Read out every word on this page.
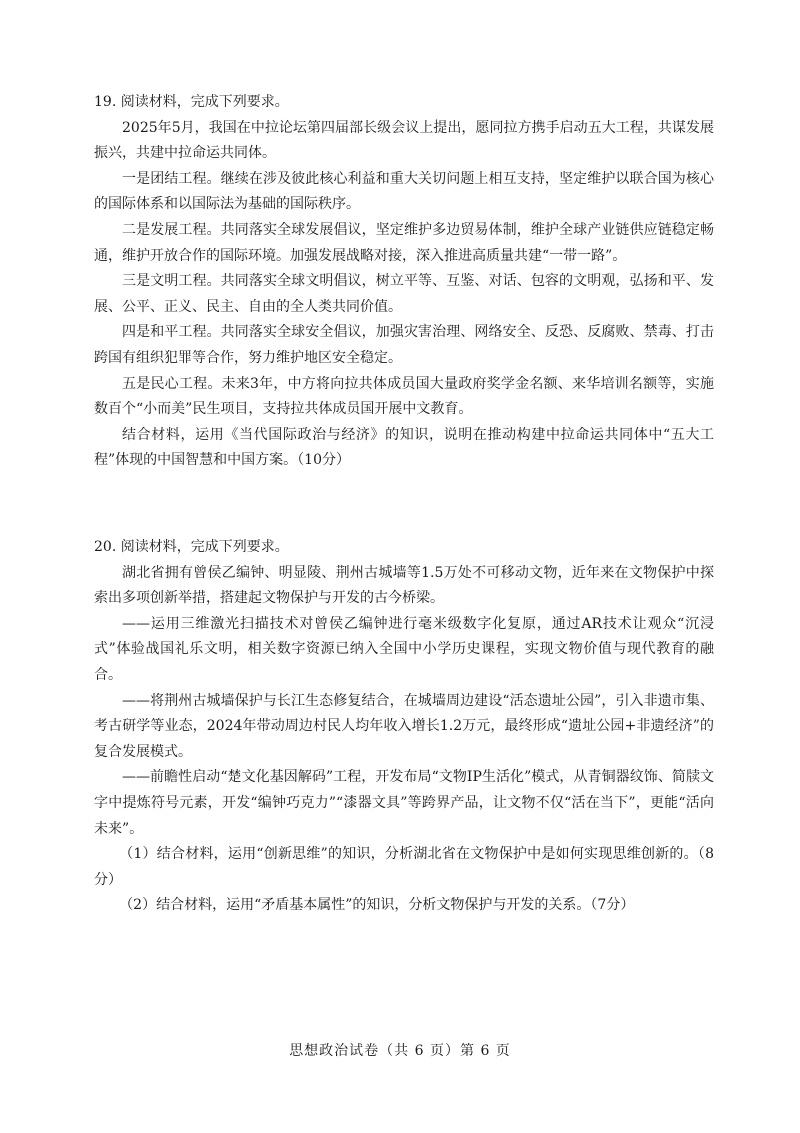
19. 阅读材料，完成下列要求。

2025年5月，我国在中拉论坛第四届部长级会议上提出，愿同拉方携手启动五大工程，共谋发展振兴，共建中拉命运共同体。

一是团结工程。继续在涉及彼此核心利益和重大关切问题上相互支持，坚定维护以联合国为核心的国际体系和以国际法为基础的国际秩序。

二是发展工程。共同落实全球发展倡议，坚定维护多边贸易体制，维护全球产业链供应链稳定畅通，维护开放合作的国际环境。加强发展战略对接，深入推进高质量共建“一带一路”。

三是文明工程。共同落实全球文明倡议，树立平等、互鉴、对话、包容的文明观，弘扬和平、发展、公平、正义、民主、自由的全人类共同价值。

四是和平工程。共同落实全球安全倡议，加强灾害治理、网络安全、反恐、反腐败、禁毒、打击跨国有组织犯罪等合作，努力维护地区安全稳定。

五是民心工程。未来3年，中方将向拉共体成员国大量政府奖学金名额、来华培训名额等，实施数百个“小而美”民生项目，支持拉共体成员国开展中文教育。

结合材料，运用《当代国际政治与经济》的知识，说明在推动构建中拉命运共同体中“五大工程”体现的中国智慧和中国方案。（10分）

20. 阅读材料，完成下列要求。

湖北省拥有曾侯乙编钟、明显陵、荆州古城墙等1.5万处不可移动文物，近年来在文物保护中探索出多项创新举措，搭建起文物保护与开发的古今桥梁。

——运用三维激光扫描技术对曾侯乙编钟进行毫米级数字化复原，通过AR技术让观众“沉浸式”体验战国礼乐文明，相关数字资源已纳入全国中小学历史课程，实现文物价值与现代教育的融合。

——将荆州古城墙保护与长江生态修复结合，在城墙周边建设“活态遗址公园”，引入非遗市集、考古研学等业态，2024年带动周边村民人均年收入增长1.2万元，最终形成“遗址公园+非遗经济”的复合发展模式。

——前瞻性启动“楚文化基因解码”工程，开发布局“文物IP生活化”模式，从青铜器纹饰、简牍文字中提炼符号元素，开发“编钟巧克力”“漆器文具”等跨界产品，让文物不仅“活在当下”，更能“活向未来”。

（1）结合材料，运用“创新思维”的知识，分析湖北省在文物保护中是如何实现思维创新的。（8分）

（2）结合材料，运用“矛盾基本属性”的知识，分析文物保护与开发的关系。（7分）

思想政治试卷（共 6 页）第 6 页
